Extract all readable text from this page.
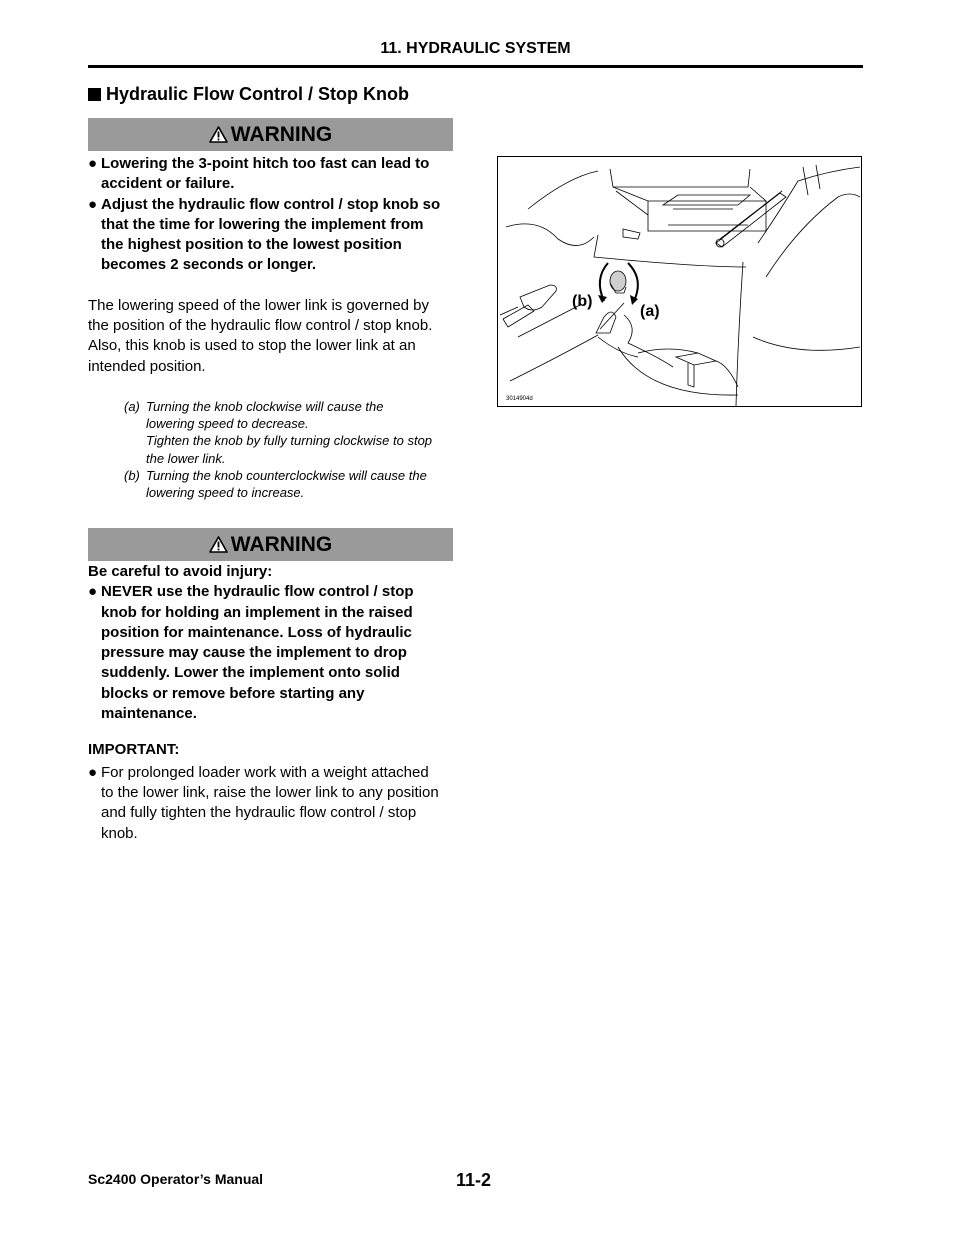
11. HYDRAULIC SYSTEM
Hydraulic Flow Control / Stop Knob
WARNING
● Lowering the 3-point hitch too fast can lead to
accident or failure.
● Adjust the hydraulic flow control / stop knob so
that the time for lowering the implement from
the highest position to the lowest position
becomes 2 seconds or longer.
The lowering speed of the lower link is governed by
the position of the hydraulic flow control / stop knob.
Also, this knob is used to stop the lower link at an
intended position.
(a) Turning the knob clockwise will cause the
lowering speed to decrease.
Tighten the knob by fully turning clockwise to stop
the lower link.
(b) Turning the knob counterclockwise will cause the
lowering speed to increase.
WARNING
Be careful to avoid injury:
● NEVER use the hydraulic flow control / stop
knob for holding an implement in the raised
position for maintenance. Loss of hydraulic
pressure may cause the implement to drop
suddenly. Lower the implement onto solid
blocks or remove before starting any
maintenance.
IMPORTANT:
● For prolonged loader work with a weight attached
to the lower link, raise the lower link to any position
and fully tighten the hydraulic flow control / stop
knob.
(b)
(a)
3014904d
Sc2400 Operator’s Manual	11-2
